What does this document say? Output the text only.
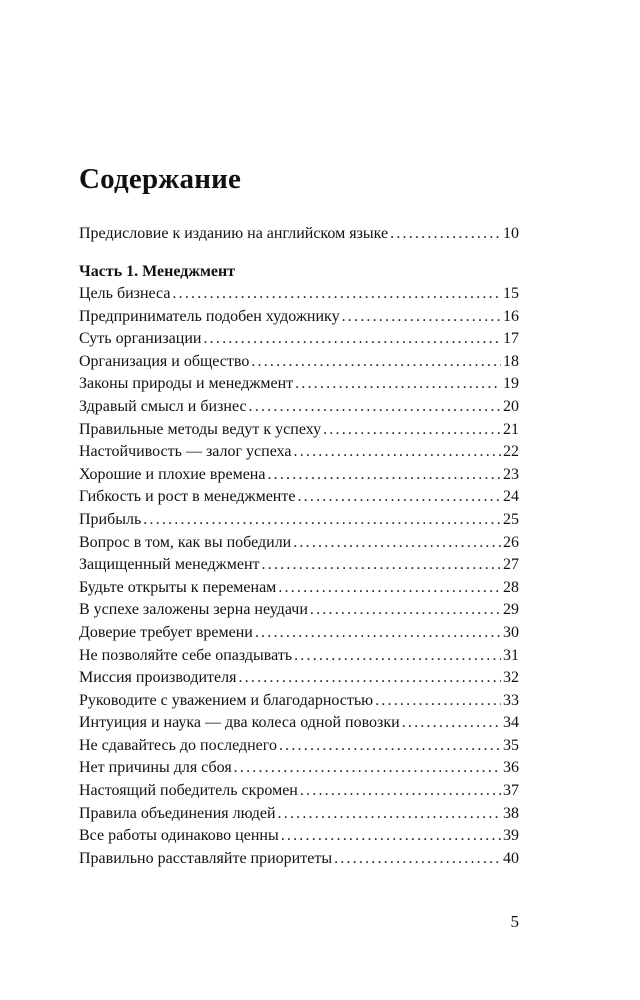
Содержание
Предисловие к изданию на английском языке .....	10
Часть 1. Менеджмент
Цель бизнеса .....	15
Предприниматель подобен художнику .....	16
Суть организации .....	17
Организация и общество .....	18
Законы природы и менеджмент .....	19
Здравый смысл и бизнес .....	20
Правильные методы ведут к успеху .....	21
Настойчивость — залог успеха .....	22
Хорошие и плохие времена .....	23
Гибкость и рост в менеджменте .....	24
Прибыль .....	25
Вопрос в том, как вы победили .....	26
Защищенный менеджмент .....	27
Будьте открыты к переменам .....	28
В успехе заложены зерна неудачи .....	29
Доверие требует времени .....	30
Не позволяйте себе опаздывать .....	31
Миссия производителя .....	32
Руководите с уважением и благодарностью .....	33
Интуиция и наука — два колеса одной повозки .....	34
Не сдавайтесь до последнего .....	35
Нет причины для сбоя .....	36
Настоящий победитель скромен .....	37
Правила объединения людей .....	38
Все работы одинаково ценны .....	39
Правильно расставляйте приоритеты .....	40
5
